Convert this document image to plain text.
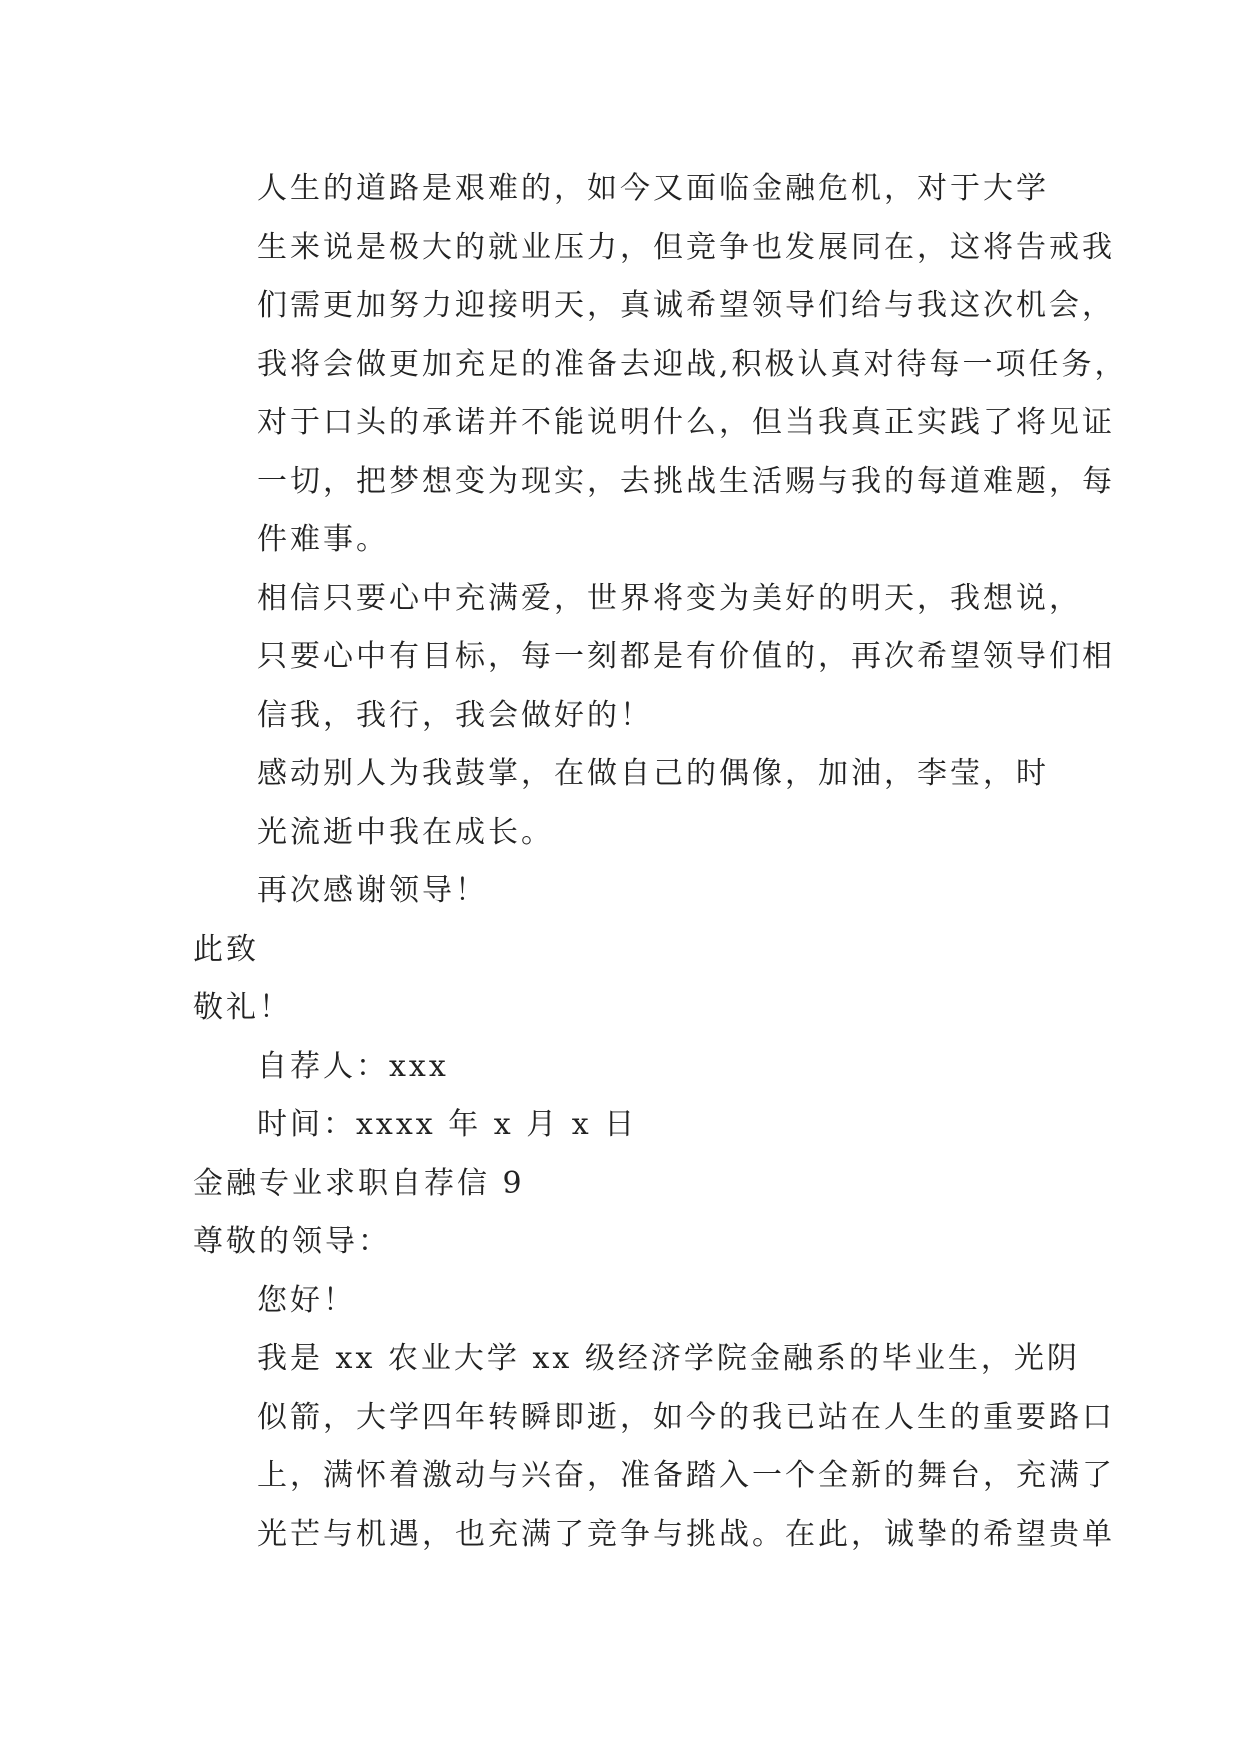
人生的道路是艰难的，如今又面临金融危机，对于大学
生来说是极大的就业压力，但竞争也发展同在，这将告戒我
们需更加努力迎接明天，真诚希望领导们给与我这次机会，
我将会做更加充足的准备去迎战,积极认真对待每一项任务，
对于口头的承诺并不能说明什么，但当我真正实践了将见证
一切，把梦想变为现实，去挑战生活赐与我的每道难题，每
件难事。
相信只要心中充满爱，世界将变为美好的明天，我想说，
只要心中有目标，每一刻都是有价值的，再次希望领导们相
信我，我行，我会做好的！
感动别人为我鼓掌，在做自己的偶像，加油，李莹，时
光流逝中我在成长。
再次感谢领导！
此致
敬礼！
自荐人：xxx
时间：xxxx 年 x 月 x 日
金融专业求职自荐信 9
尊敬的领导：
您好！
我是 xx 农业大学 xx 级经济学院金融系的毕业生，光阴
似箭，大学四年转瞬即逝，如今的我已站在人生的重要路口
上，满怀着激动与兴奋，准备踏入一个全新的舞台，充满了
光芒与机遇，也充满了竞争与挑战。在此，诚挚的希望贵单
